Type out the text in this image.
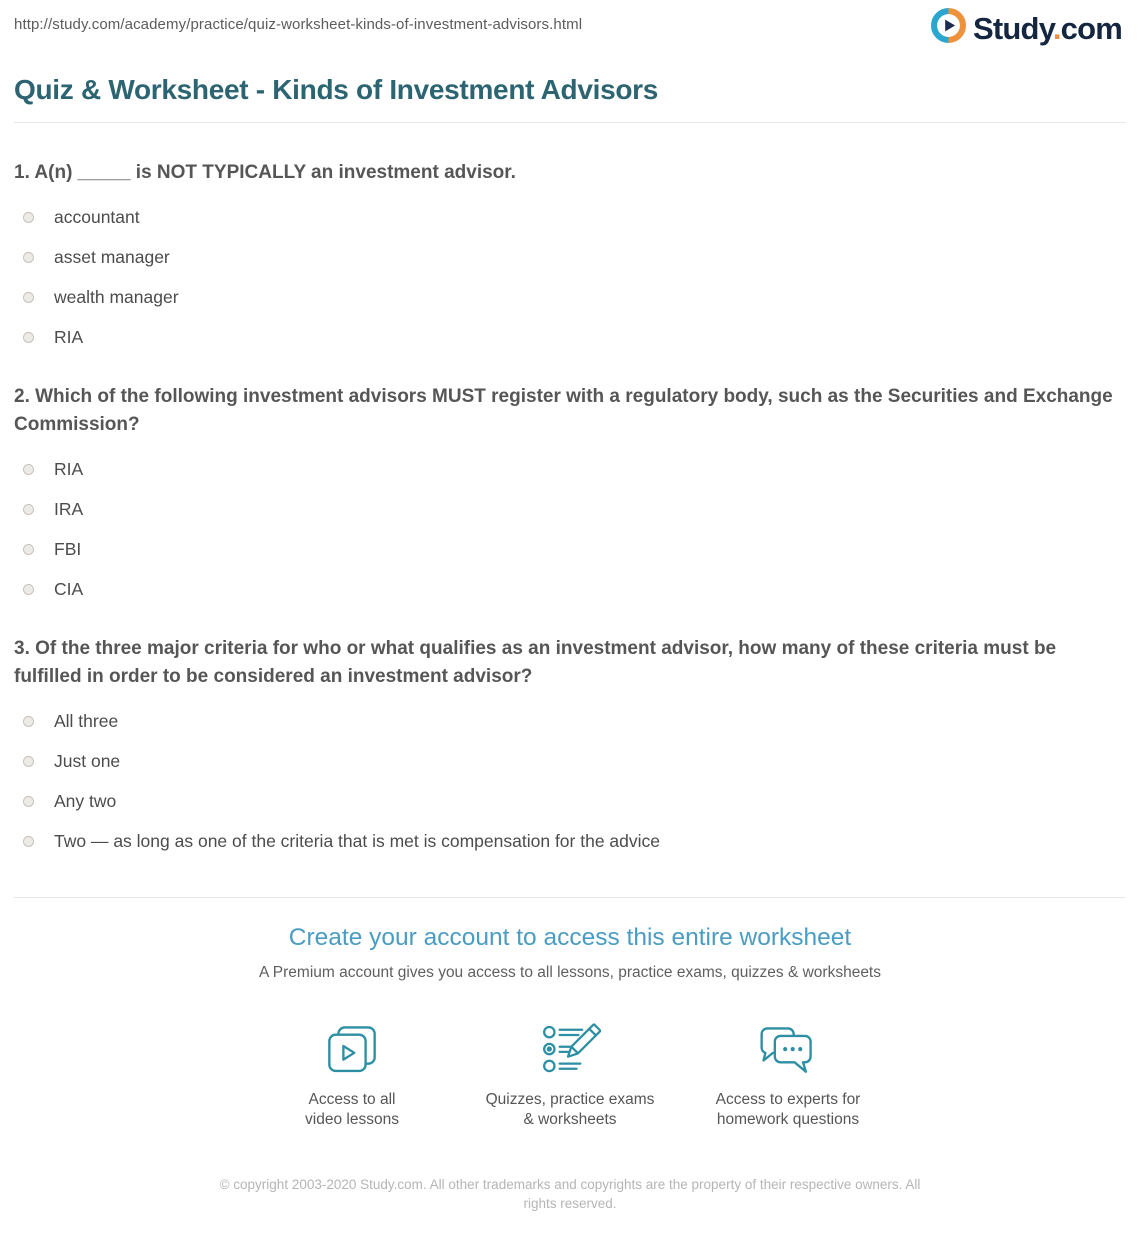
http://study.com/academy/practice/quiz-worksheet-kinds-of-investment-advisors.html	Study.com
Quiz & Worksheet - Kinds of Investment Advisors
1. A(n) _____ is NOT TYPICALLY an investment advisor.
accountant
asset manager
wealth manager
RIA
2. Which of the following investment advisors MUST register with a regulatory body, such as the Securities and Exchange Commission?
RIA
IRA
FBI
CIA
3. Of the three major criteria for who or what qualifies as an investment advisor, how many of these criteria must be fulfilled in order to be considered an investment advisor?
All three
Just one
Any two
Two — as long as one of the criteria that is met is compensation for the advice
Create your account to access this entire worksheet
A Premium account gives you access to all lessons, practice exams, quizzes & worksheets
Access to all
video lessons
Quizzes, practice exams
& worksheets
Access to experts for
homework questions
© copyright 2003-2020 Study.com. All other trademarks and copyrights are the property of their respective owners. All rights reserved.
